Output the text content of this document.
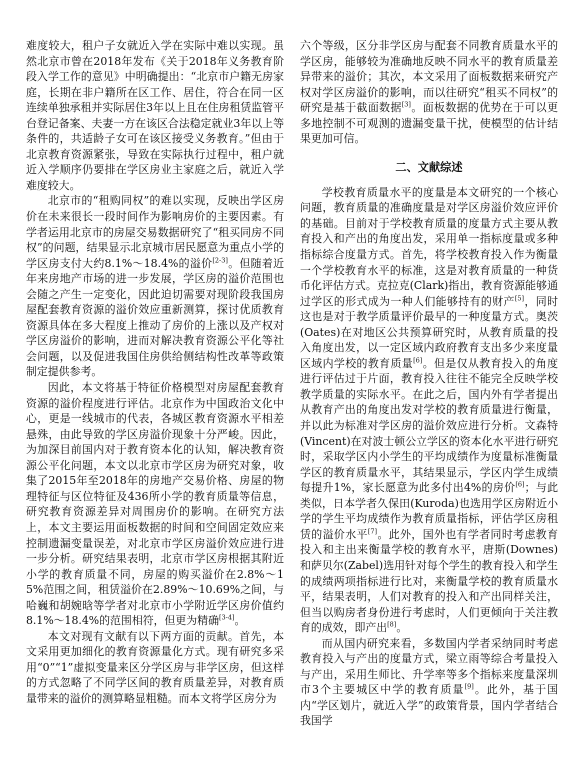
难度较大，租户子女就近入学在实际中难以实现。虽然北京市曾在2018年发布《关于2018年义务教育阶段入学工作的意见》中明确提出：“北京市户籍无房家庭，长期在非户籍所在区工作、居住，符合在同一区连续单独承租并实际居住3年以上且在住房租赁监管平台登记备案、夫妻一方在该区合法稳定就业3年以上等条件的，共适龄子女可在该区接受义务教育。”但由于北京教育资源紧张，导致在实际执行过程中，租户就近入学顺序仍要排在学区房业主家庭之后，就近入学难度较大。

北京市的“租购同权”的难以实现，反映出学区房价在未来很长一段时间作为影响房价的主要因素。有学者运用北京市的房屋交易数据研究了“租买同房不同权”的问题，结果显示北京城市居民愿意为重点小学的学区房支付大约8.1%～18.4%的溢价[2-3]。但随着近年来房地产市场的进一步发展，学区房的溢价范围也会随之产生一定变化，因此迫切需要对现阶段我国房屋配套教育资源的溢价效应重新测算，探讨优质教育资源具体在多大程度上推动了房价的上涨以及产权对学区房溢价的影响，进而对解决教育资源公平化等社会问题，以及促进我国住房供给侧结构性改革等政策制定提供参考。

因此，本文将基于特征价格模型对房屋配套教育资源的溢价程度进行评估。北京作为中国政治文化中心，更是一线城市的代表，各城区教育资源水平相差悬殊，由此导致的学区房溢价现象十分严峻。因此，为加深目前国内对于教育资本化的认知，解决教育资源公平化问题，本文以北京市学区房为研究对象，收集了2015年至2018年的房地产交易价格、房屋的物理特征与区位特征及436所小学的教育质量等信息，研究教育资源差异对周围房价的影响。在研究方法上，本文主要运用面板数据的时间和空间固定效应来控制遗漏变量误差，对北京市学区房溢价效应进行进一步分析。研究结果表明，北京市学区房根据其附近小学的教育质量不同，房屋的购买溢价在2.8%～15%范围之间，租赁溢价在2.89%～10.69%之间，与哈巍和胡婉晗等学者对北京市小学附近学区房价值约8.1%～18.4%的范围相符，但更为精确[3-4]。

本文对现有文献有以下两方面的贡献。首先，本文采用更加细化的教育资源量化方式。现有研究多采用“0”“1”虚拟变量来区分学区房与非学区房，但这样的方式忽略了不同学区间的教育质量差异，对教育质量带来的溢价的测算略显粗糙。而本文将学区房分为

六个等级，区分非学区房与配套不同教育质量水平的学区房，能够较为准确地反映不同水平的教育质量差异带来的溢价；其次，本文采用了面板数据来研究产权对学区房溢价的影响，而以往研究“租买不同权”的研究是基于截面数据[3]。面板数据的优势在于可以更多地控制不可观测的遗漏变量干扰，使模型的估计结果更加可信。

二、文献综述

学校教育质量水平的度量是本文研究的一个核心问题，教育质量的准确度量是对学区房溢价效应评价的基础。目前对于学校教育质量的度量方式主要从教育投入和产出的角度出发，采用单一指标度量或多种指标综合度量方式。首先，将学校教育投入作为衡量一个学校教育水平的标准，这是对教育质量的一种货币化评估方式。克拉克(Clark)指出，教育资源能够通过学区的形式成为一种人们能够持有的财产[5]，同时这也是对于教学质量评价最早的一种度量方式。奥茨(Oates)在对地区公共预算研究时，从教育质量的投入角度出发，以一定区域内政府教育支出多少来度量区域内学校的教育质量[6]。但是仅从教育投入的角度进行评估过于片面，教育投入往往不能完全反映学校教学质量的实际水平。在此之后，国内外有学者提出从教育产出的角度出发对学校的教育质量进行衡量，并以此为标准对学区房的溢价效应进行分析。文森特(Vincent)在对波士顿公立学区的资本化水平进行研究时，采取学区内小学生的平均成绩作为度量标准衡量学区的教育质量水平，其结果显示，学区内学生成绩每提升1%，家长愿意为此多付出4%的房价[6]；与此类似，日本学者久保田(Kuroda)也选用学区房附近小学的学生平均成绩作为教育质量指标，评估学区房租赁的溢价水平[7]。此外，国外也有学者同时考虑教育投入和主出来衡量学校的教育水平，唐斯(Downes)和萨贝尔(Zabel)选用针对每个学生的教育投入和学生的成绩两项指标进行比对，来衡量学校的教育质量水平，结果表明，人们对教育的投入和产出同样关注，但当以购房者身份进行考虑时，人们更倾向于关注教育的成效，即产出[8]。

而从国内研究来看，多数国内学者采纳同时考虑教育投入与产出的度量方式，梁立雨等综合考量投入与产出，采用生师比、升学率等多个指标来度量深圳市3个主要城区中学的教育质量[9]。此外，基于国内“学区划片，就近入学”的政策背景，国内学者结合我国学
